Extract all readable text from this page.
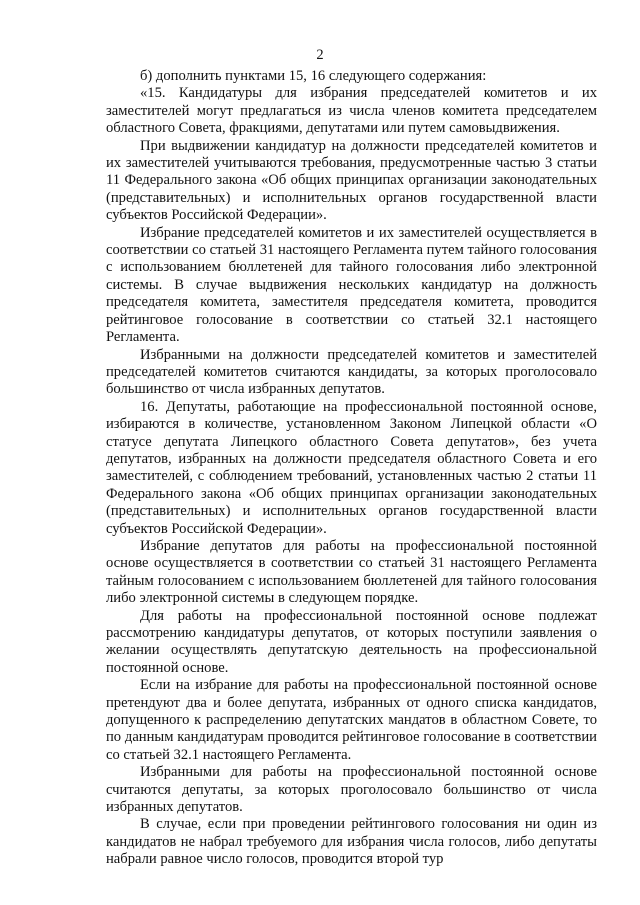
2

б) дополнить пунктами 15, 16 следующего содержания:

«15. Кандидатуры для избрания председателей комитетов и их заместителей могут предлагаться из числа членов комитета председателем областного Совета, фракциями, депутатами или путем самовыдвижения.

При выдвижении кандидатур на должности председателей комитетов и их заместителей учитываются требования, предусмотренные частью 3 статьи 11 Федерального закона «Об общих принципах организации законодательных (представительных) и исполнительных органов государственной власти субъектов Российской Федерации».

Избрание председателей комитетов и их заместителей осуществляется в соответствии со статьей 31 настоящего Регламента путем тайного голосования с использованием бюллетеней для тайного голосования либо электронной системы. В случае выдвижения нескольких кандидатур на должность председателя комитета, заместителя председателя комитета, проводится рейтинговое голосование в соответствии со статьей 32.1 настоящего Регламента.

Избранными на должности председателей комитетов и заместителей председателей комитетов считаются кандидаты, за которых проголосовало большинство от числа избранных депутатов.

16. Депутаты, работающие на профессиональной постоянной основе, избираются в количестве, установленном Законом Липецкой области «О статусе депутата Липецкого областного Совета депутатов», без учета депутатов, избранных на должности председателя областного Совета и его заместителей, с соблюдением требований, установленных частью 2 статьи 11 Федерального закона «Об общих принципах организации законодательных (представительных) и исполнительных органов государственной власти субъектов Российской Федерации».

Избрание депутатов для работы на профессиональной постоянной основе осуществляется в соответствии со статьей 31 настоящего Регламента тайным голосованием с использованием бюллетеней для тайного голосования либо электронной системы в следующем порядке.

Для работы на профессиональной постоянной основе подлежат рассмотрению кандидатуры депутатов, от которых поступили заявления о желании осуществлять депутатскую деятельность на профессиональной постоянной основе.

Если на избрание для работы на профессиональной постоянной основе претендуют два и более депутата, избранных от одного списка кандидатов, допущенного к распределению депутатских мандатов в областном Совете, то по данным кандидатурам проводится рейтинговое голосование в соответствии со статьей 32.1 настоящего Регламента.

Избранными для работы на профессиональной постоянной основе считаются депутаты, за которых проголосовало большинство от числа избранных депутатов.

В случае, если при проведении рейтингового голосования ни один из кандидатов не набрал требуемого для избрания числа голосов, либо депутаты набрали равное число голосов, проводится второй тур
